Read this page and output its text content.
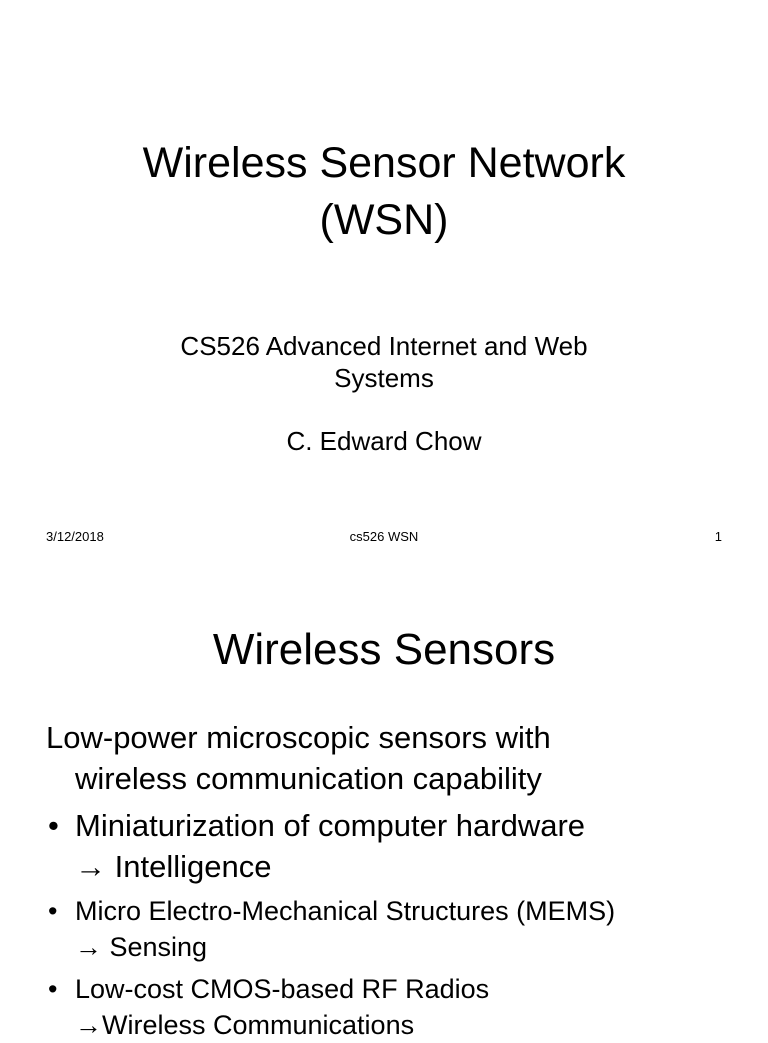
Wireless Sensor Network
(WSN)
CS526 Advanced Internet and Web
Systems
C. Edward Chow
3/12/2018	cs526 WSN	1
Wireless Sensors
Low-power microscopic sensors with
wireless communication capability
• Miniaturization of computer hardware
→ Intelligence
• Micro Electro-Mechanical Structures (MEMS)
→ Sensing
• Low-cost CMOS-based RF Radios
→Wireless Communications
